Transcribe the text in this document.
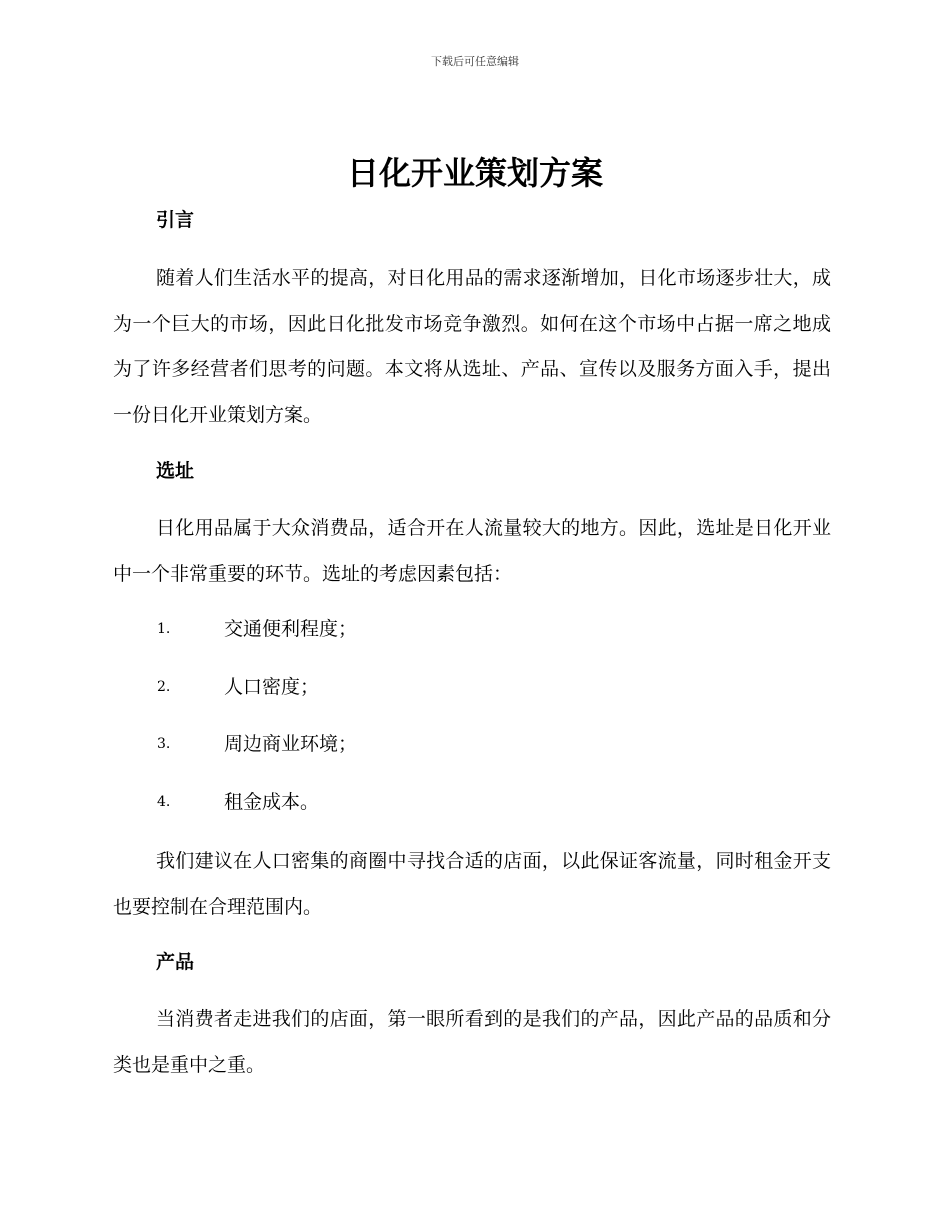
下载后可任意编辑
日化开业策划方案
引言

随着人们生活水平的提高，对日化用品的需求逐渐增加，日化市场逐步壮大，成为一个巨大的市场，因此日化批发市场竞争激烈。如何在这个市场中占据一席之地成为了许多经营者们思考的问题。本文将从选址、产品、宣传以及服务方面入手，提出一份日化开业策划方案。

选址

日化用品属于大众消费品，适合开在人流量较大的地方。因此，选址是日化开业中一个非常重要的环节。选址的考虑因素包括：

1.	交通便利程度；
2.	人口密度；
3.	周边商业环境；
4.	租金成本。

我们建议在人口密集的商圈中寻找合适的店面，以此保证客流量，同时租金开支也要控制在合理范围内。

产品

当消费者走进我们的店面，第一眼所看到的是我们的产品，因此产品的品质和分类也是重中之重。
